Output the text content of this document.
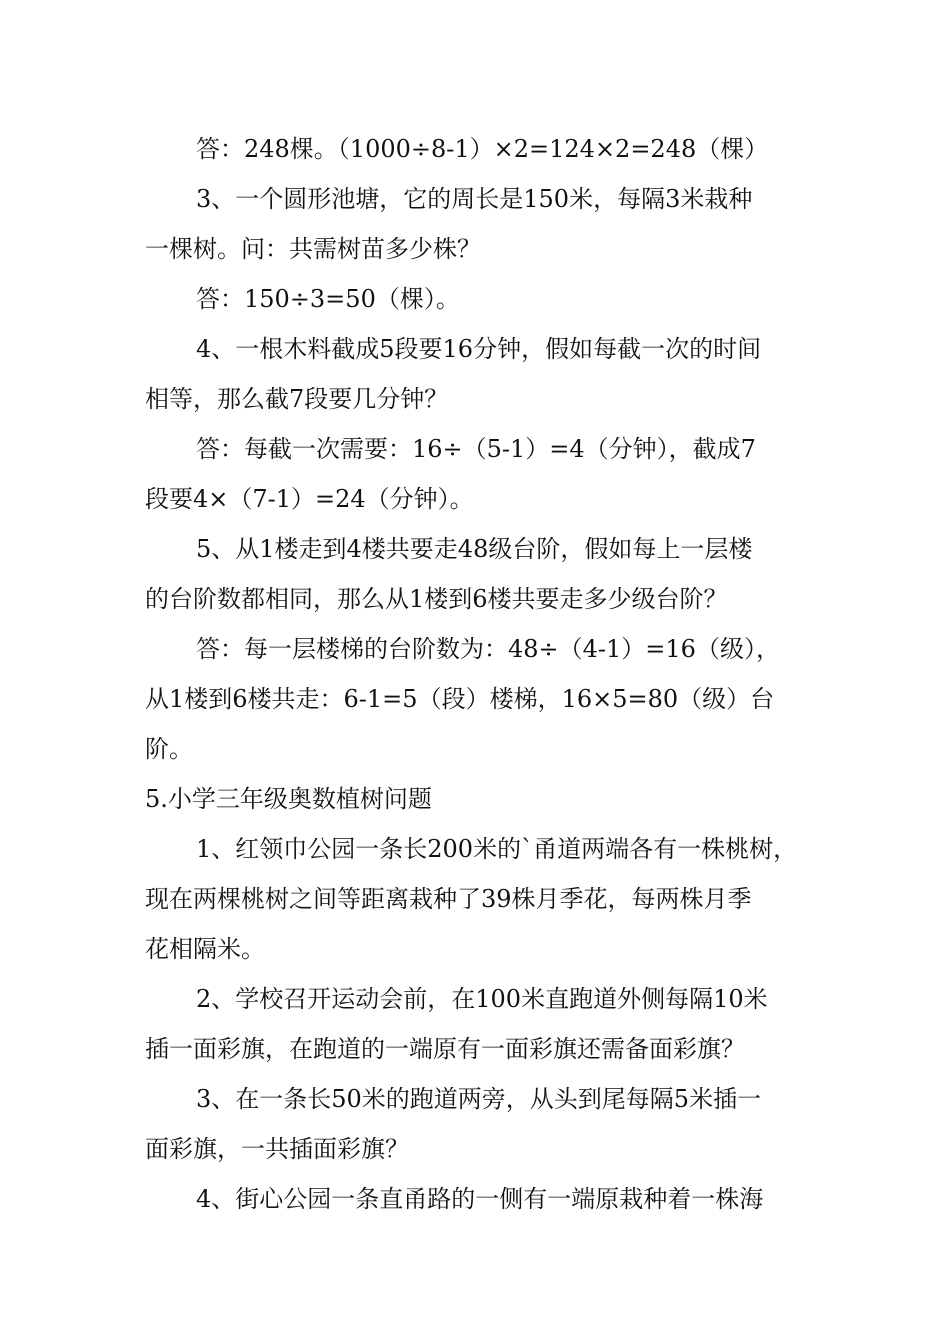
答：248棵。（1000÷8-1）×2=124×2=248（棵）
3、一个圆形池塘，它的周长是150米，每隔3米栽种
一棵树。问：共需树苗多少株？
答：150÷3=50（棵）。
4、一根木料截成5段要16分钟，假如每截一次的时间
相等，那么截7段要几分钟？
答：每截一次需要：16÷（5-1）=4（分钟），截成7
段要4×（7-1）=24（分钟）。
5、从1楼走到4楼共要走48级台阶，假如每上一层楼
的台阶数都相同，那么从1楼到6楼共要走多少级台阶？
答：每一层楼梯的台阶数为：48÷（4-1）=16（级），
从1楼到6楼共走：6-1=5（段）楼梯，16×5=80（级）台
阶。
5.小学三年级奥数植树问题
1、红领巾公园一条长200米的`甬道两端各有一株桃树，
现在两棵桃树之间等距离栽种了39株月季花，每两株月季
花相隔米。
2、学校召开运动会前，在100米直跑道外侧每隔10米
插一面彩旗，在跑道的一端原有一面彩旗还需备面彩旗？
3、在一条长50米的跑道两旁，从头到尾每隔5米插一
面彩旗，一共插面彩旗？
4、街心公园一条直甬路的一侧有一端原栽种着一株海
